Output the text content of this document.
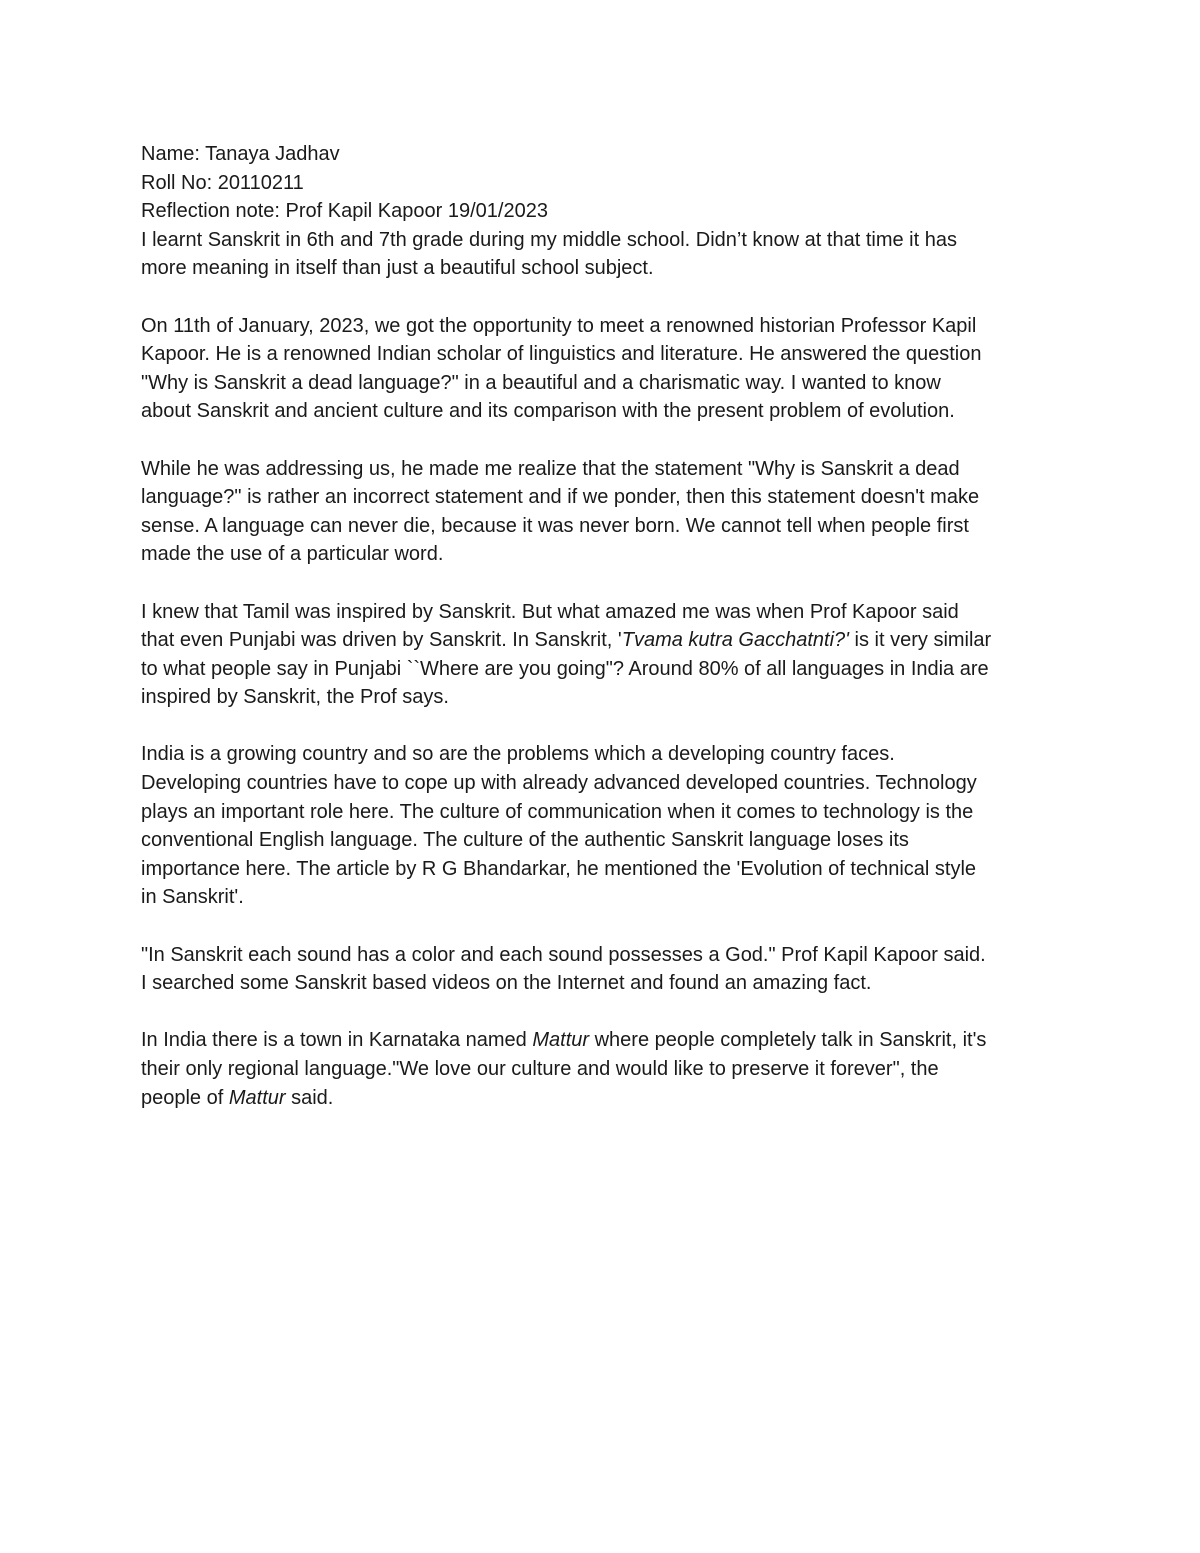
Name: Tanaya Jadhav

Roll No: 20110211

Reflection note: Prof Kapil Kapoor 19/01/2023

I learnt Sanskrit in 6th and 7th grade during my middle school. Didn’t know at that time it has

more meaning in itself than just a beautiful school subject.

On 11th of January, 2023, we got the opportunity to meet a renowned historian Professor Kapil

Kapoor. He is a renowned Indian scholar of linguistics and literature. He answered the question

"Why is Sanskrit a dead language?" in a beautiful and a charismatic way. I wanted to know

about Sanskrit and ancient culture and its comparison with the present problem of evolution.

While he was addressing us, he made me realize that the statement "Why is Sanskrit a dead

language?" is rather an incorrect statement and if we ponder, then this statement doesn't make

sense. A language can never die, because it was never born. We cannot tell when people first

made the use of a particular word.

I knew that Tamil was inspired by Sanskrit. But what amazed me was when Prof Kapoor said

that even Punjabi was driven by Sanskrit. In Sanskrit, 'Tvama kutra Gacchatnti?' is it very similar

to what people say in Punjabi ``Where are you going"? Around 80% of all languages in India are

inspired by Sanskrit, the Prof says.

India is a growing country and so are the problems which a developing country faces.

Developing countries have to cope up with already advanced developed countries. Technology

plays an important role here. The culture of communication when it comes to technology is the

conventional English language. The culture of the authentic Sanskrit language loses its

importance here. The article by R G Bhandarkar, he mentioned the 'Evolution of technical style

in Sanskrit'.

"In Sanskrit each sound has a color and each sound possesses a God." Prof Kapil Kapoor said.

I searched some Sanskrit based videos on the Internet and found an amazing fact.

In India there is a town in Karnataka named Mattur where people completely talk in Sanskrit, it's

their only regional language."We love our culture and would like to preserve it forever", the

people of Mattur said.
